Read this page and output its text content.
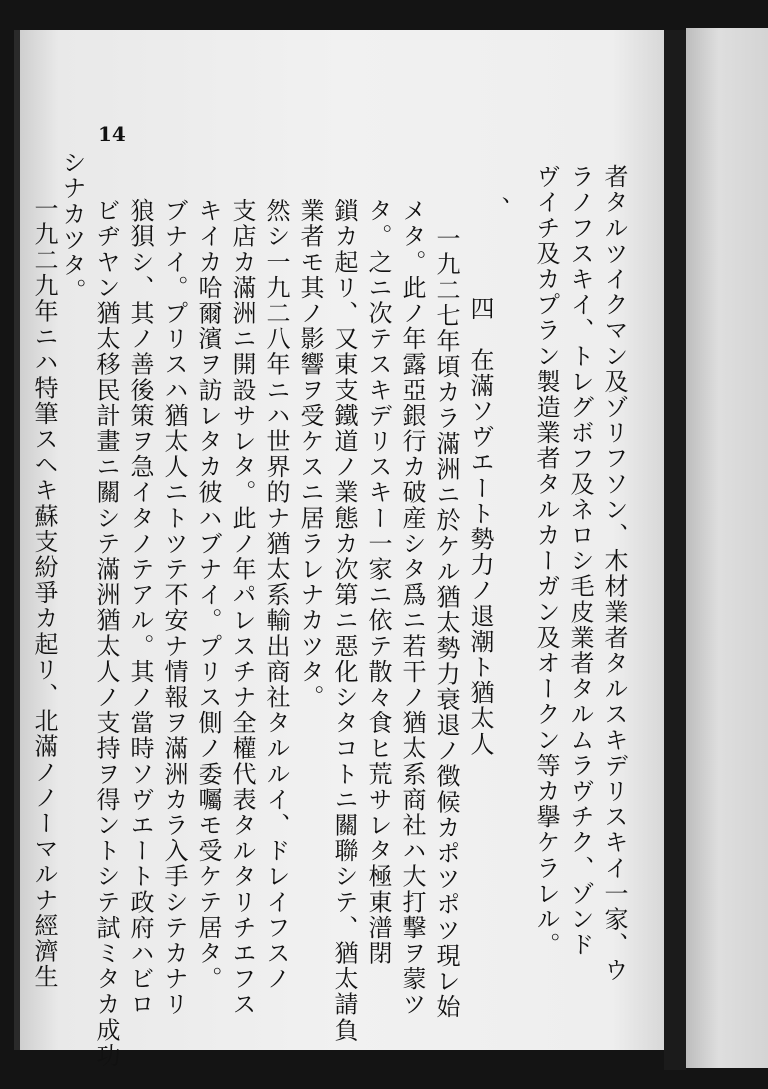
14
者タルツイクマン及ゾリフソン、木材業者タルスキデリスキイ一家、ウ
ラノフスキイ、トレグボフ及ネロシ毛皮業者タルムラヴチク、ゾンド
ヴイチ及カプラン製造業者タルカーガン及オークン等カ擧ケラレル。
、
四　在滿ソヴエート勢力ノ退潮ト猶太人
一九二七年頃カラ滿洲ニ於ケル猶太勢力衰退ノ徴候カポツポツ現レ始
メタ。此ノ年露亞銀行カ破産シタ爲ニ若干ノ猶太系商社ハ大打撃ヲ蒙ツ
タ。之ニ次テスキデリスキー一家ニ依テ散々食ヒ荒サレタ極東潽閉
鎖カ起リ、又東支鐵道ノ業態カ次第ニ惡化シタコトニ關聯シテ、猶太請負
業者モ其ノ影響ヲ受ケスニ居ラレナカツタ。
然シ一九二八年ニハ世界的ナ猶太系輸出商社タルルイ、ドレイフスノ
支店カ滿洲ニ開設サレタ。此ノ年パレスチナ全權代表タルタリチエフス
キイカ哈爾濱ヲ訪レタカ彼ハブナイ。プリス側ノ委囑モ受ケテ居タ。
ブナイ。プリスハ猶太人ニトツテ不安ナ情報ヲ滿洲カラ入手シテカナリ
狼狽シ、其ノ善後策ヲ急イタノテアル。其ノ當時ソヴエート政府ハビロ
ビヂヤン猶太移民計畫ニ關シテ滿洲猶太人ノ支持ヲ得ントシテ試ミタカ成功
シナカツタ。
一九二九年ニハ特筆スヘキ蘇支紛爭カ起リ、北滿ノノーマルナ經濟生
